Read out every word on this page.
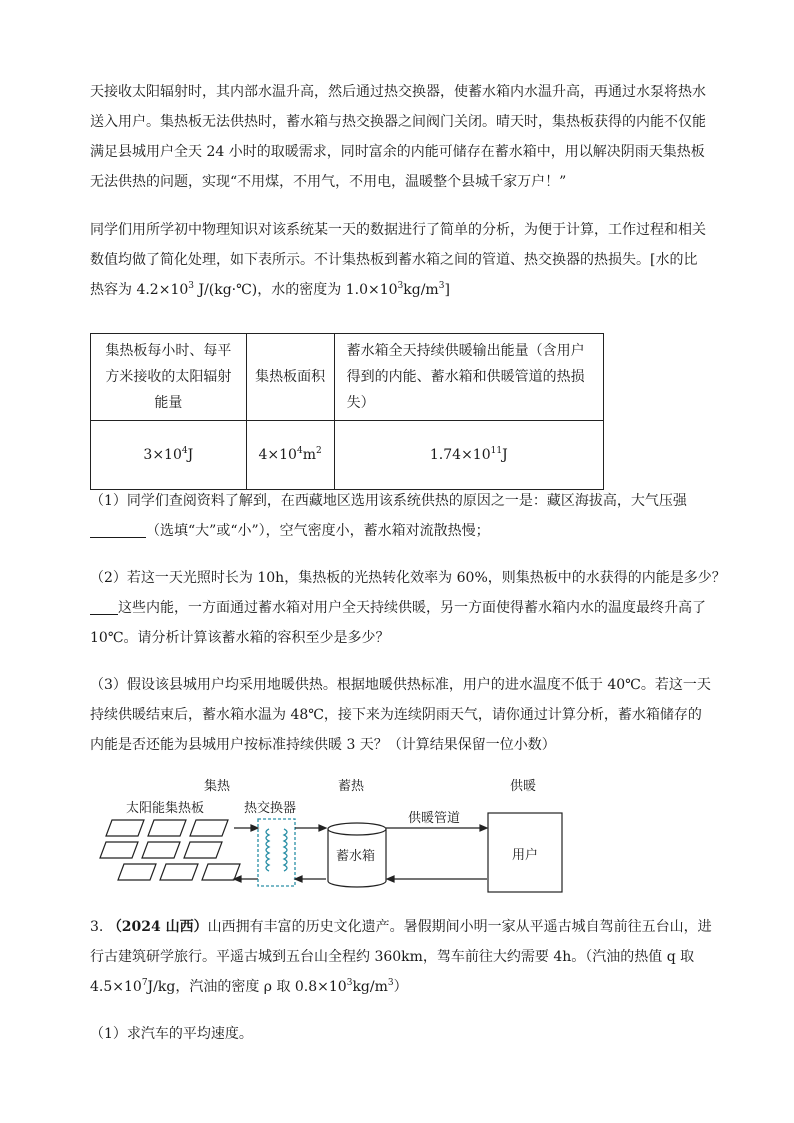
天接收太阳辐射时，其内部水温升高，然后通过热交换器，使蓄水箱内水温升高，再通过水泵将热水
送入用户。集热板无法供热时，蓄水箱与热交换器之间阀门关闭。晴天时，集热板获得的内能不仅能
满足县城用户全天 24 小时的取暖需求，同时富余的内能可储存在蓄水箱中，用以解决阴雨天集热板
无法供热的问题，实现“不用煤，不用气，不用电，温暖整个县城千家万户！”
同学们用所学初中物理知识对该系统某一天的数据进行了简单的分析，为便于计算，工作过程和相关
数值均做了简化处理，如下表所示。不计集热板到蓄水箱之间的管道、热交换器的热损失。[水的比
热容为 $4.2\times 10^3$ J/(kg·℃)，水的密度为 $1.0\times 10^3kg/m^3$]
集热板每小时、每平方米接收的太阳辐射能量	集热板面积	蓄水箱全天持续供暖输出能量（含用户得到的内能、蓄水箱和供暖管道的热损失）
$3\times 10^4J$	$4\times 10^4m^2$	$1.74\times 10^{11}J$
（1）同学们查阅资料了解到，在西藏地区选用该系统供热的原因之一是：藏区海拔高，大气压强
（选填“大”或“小”），空气密度小，蓄水箱对流散热慢；
（2）若这一天光照时长为 10h，集热板的光热转化效率为 60%，则集热板中的水获得的内能是多少？
这些内能，一方面通过蓄水箱对用户全天持续供暖，另一方面使得蓄水箱内水的温度最终升高了
10℃。请分析计算该蓄水箱的容积至少是多少？
（3）假设该县城用户均采用地暖供热。根据地暖供热标准，用户的进水温度不低于 40℃。若这一天
持续供暖结束后，蓄水箱水温为 48℃，接下来为连续阴雨天气，请你通过计算分析，蓄水箱储存的
内能是否还能为县城用户按标准持续供暖 3 天？（计算结果保留一位小数）
集热	蓄热	供暖
太阳能集热板	热交换器
供暖管道
蓄水箱	用户
3. （2024 山西）山西拥有丰富的历史文化遗产。暑假期间小明一家从平遥古城自驾前往五台山，进
行古建筑研学旅行。平遥古城到五台山全程约 360km，驾车前往大约需要 4h。（汽油的热值 q 取
$4.5\times 10^7J/kg$，汽油的密度 ρ 取 $0.8\times 10^3kg/m^3$）
（1）求汽车的平均速度。
